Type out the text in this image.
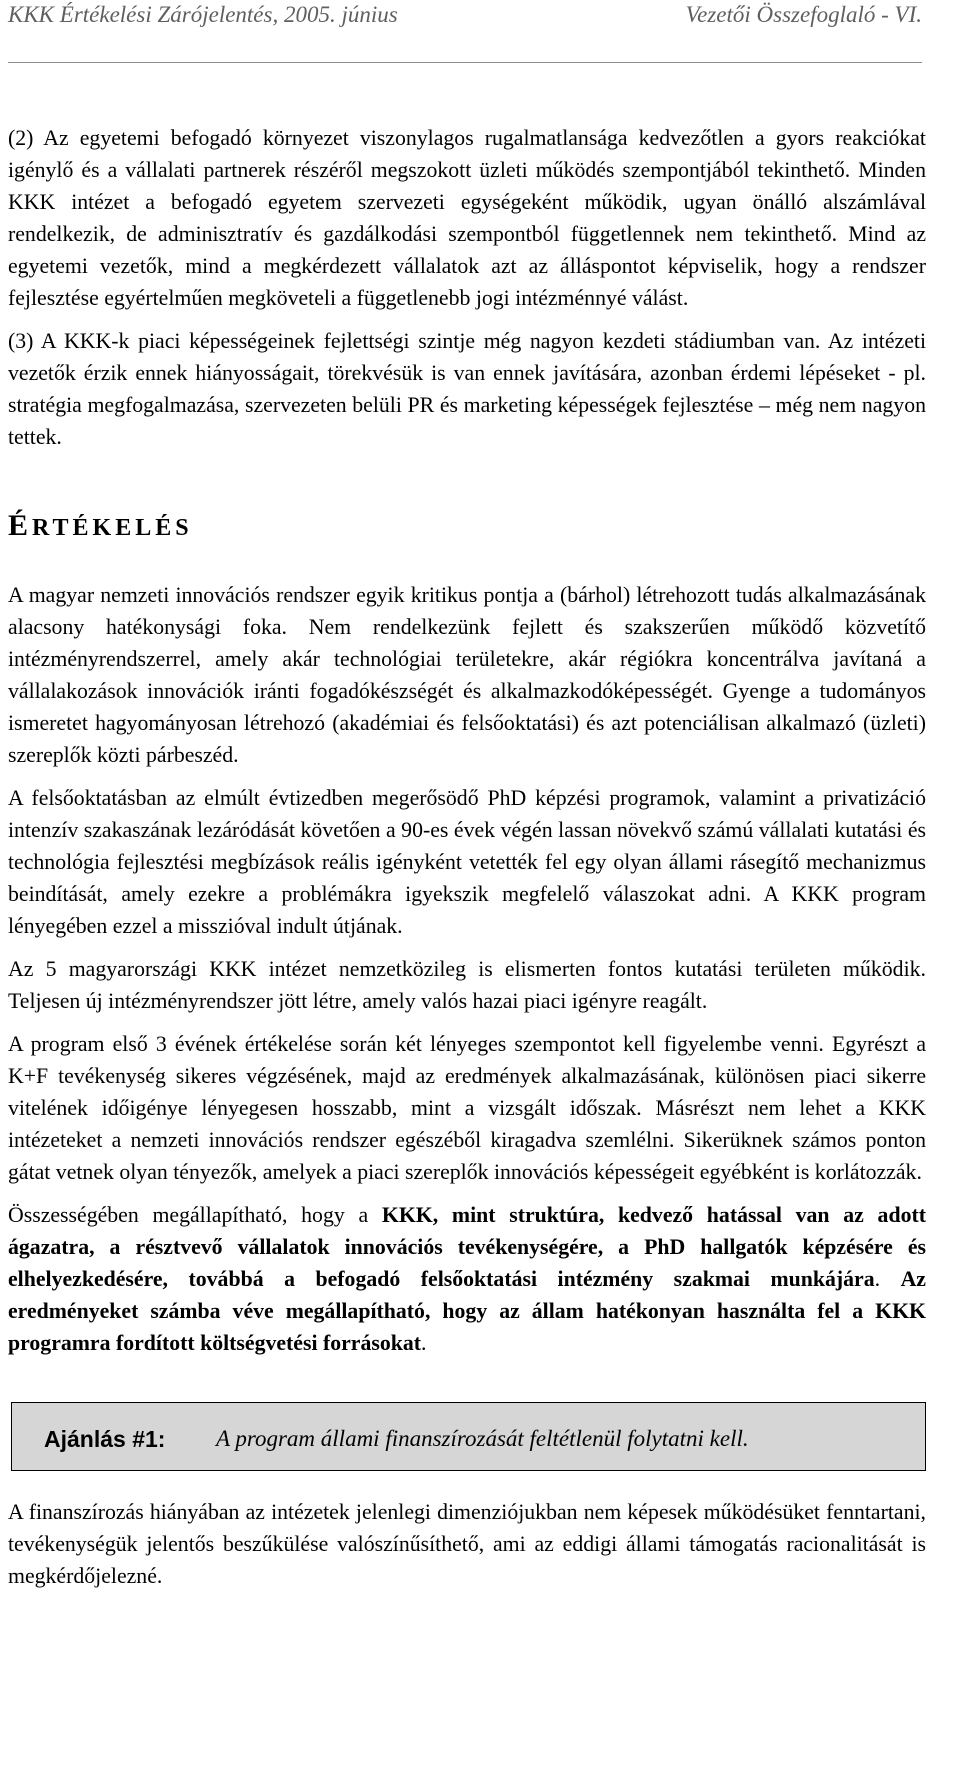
KKK Értékelési Zárójelentés, 2005. június	Vezetői Összefoglaló - VI.

(2) Az egyetemi befogadó környezet viszonylagos rugalmatlansága kedvezőtlen a gyors reakciókat igénylő és a vállalati partnerek részéről megszokott üzleti működés szempontjából tekinthető. Minden KKK intézet a befogadó egyetem szervezeti egységeként működik, ugyan önálló alszámlával rendelkezik, de adminisztratív és gazdálkodási szempontból függetlennek nem tekinthető. Mind az egyetemi vezetők, mind a megkérdezett vállalatok azt az álláspontot képviselik, hogy a rendszer fejlesztése egyértelműen megköveteli a függetlenebb jogi intézménnyé válást.

(3) A KKK-k piaci képességeinek fejlettségi szintje még nagyon kezdeti stádiumban van. Az intézeti vezetők érzik ennek hiányosságait, törekvésük is van ennek javítására, azonban érdemi lépéseket - pl. stratégia megfogalmazása, szervezeten belüli PR és marketing képességek fejlesztése – még nem nagyon tettek.

ÉRTÉKELÉS

A magyar nemzeti innovációs rendszer egyik kritikus pontja a (bárhol) létrehozott tudás alkalmazásának alacsony hatékonysági foka. Nem rendelkezünk fejlett és szakszerűen működő közvetítő intézményrendszerrel, amely akár technológiai területekre, akár régiókra koncentrálva javítaná a vállalakozások innovációk iránti fogadókészségét és alkalmazkodóképességét. Gyenge a tudományos ismeretet hagyományosan létrehozó (akadémiai és felsőoktatási) és azt potenciálisan alkalmazó (üzleti) szereplők közti párbeszéd.

A felsőoktatásban az elmúlt évtizedben megerősödő PhD képzési programok, valamint a privatizáció intenzív szakaszának lezáródását követően a 90-es évek végén lassan növekvő számú vállalati kutatási és technológia fejlesztési megbízások reális igényként vetették fel egy olyan állami rásegítő mechanizmus beindítását, amely ezekre a problémákra igyekszik megfelelő válaszokat adni. A KKK program lényegében ezzel a misszióval indult útjának.

Az 5 magyarországi KKK intézet nemzetközileg is elismerten fontos kutatási területen működik. Teljesen új intézményrendszer jött létre, amely valós hazai piaci igényre reagált.

A program első 3 évének értékelése során két lényeges szempontot kell figyelembe venni. Egyrészt a K+F tevékenység sikeres végzésének, majd az eredmények alkalmazásának, különösen piaci sikerre vitelének időigénye lényegesen hosszabb, mint a vizsgált időszak. Másrészt nem lehet a KKK intézeteket a nemzeti innovációs rendszer egészéből kiragadva szemlélni. Sikerüknek számos ponton gátat vetnek olyan tényezők, amelyek a piaci szereplők innovációs képességeit egyébként is korlátozzák.

Összességében megállapítható, hogy a KKK, mint struktúra, kedvező hatással van az adott ágazatra, a résztvevő vállalatok innovációs tevékenységére, a PhD hallgatók képzésére és elhelyezkedésére, továbbá a befogadó felsőoktatási intézmény szakmai munkájára. Az eredményeket számba véve megállapítható, hogy az állam hatékonyan használta fel a KKK programra fordított költségvetési forrásokat.

Ajánlás #1:	A program állami finanszírozását feltétlenül folytatni kell.

A finanszírozás hiányában az intézetek jelenlegi dimenziójukban nem képesek működésüket fenntartani, tevékenységük jelentős beszűkülése valószínűsíthető, ami az eddigi állami támogatás racionalitását is megkérdőjelezné.
